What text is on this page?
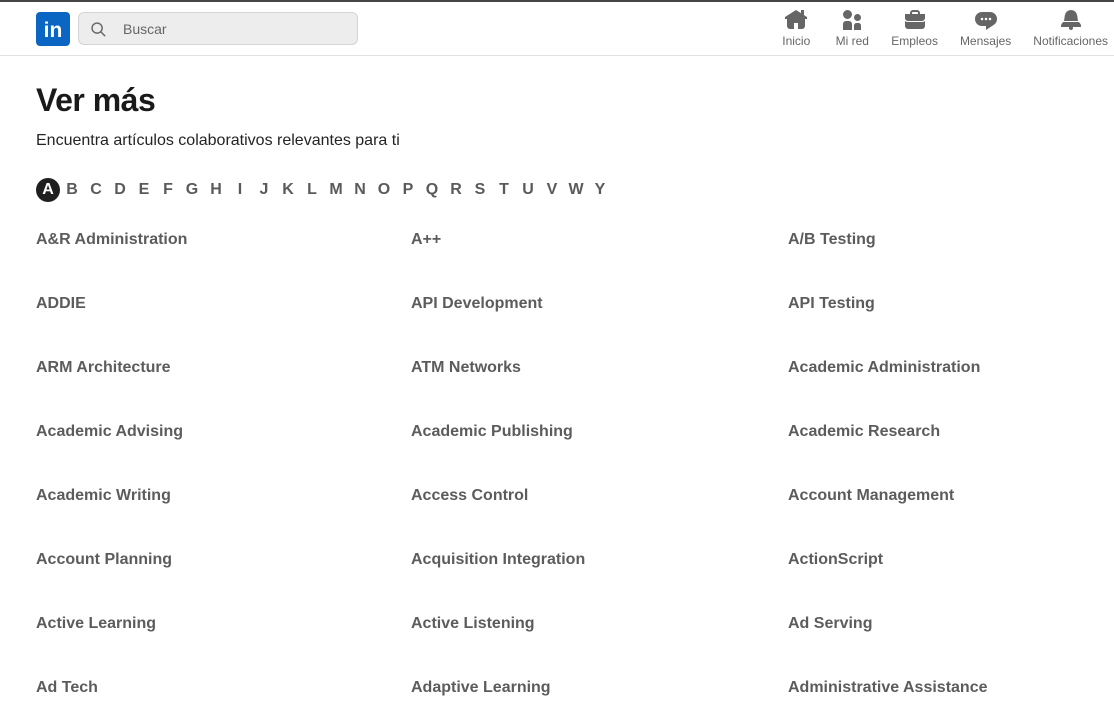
in
Buscar	Inicio Mi red Empleos Mensajes Notificaciones
Ver más

Encuentra artículos colaborativos relevantes para ti

A B C D E F G H I	J K L M N O P Q R S T U V W Y
A&R Administration	A++	A/B Testing
ADDIE	API Development	API Testing
ARM Architecture	ATM Networks	Academic Administration
Academic Advising	Academic Publishing	Academic Research
Academic Writing	Access Control	Account Management
Account Planning	Acquisition Integration	ActionScript
Active Learning	Active Listening	Ad Serving
Ad Tech	Adaptive Learning	Administrative Assistance
